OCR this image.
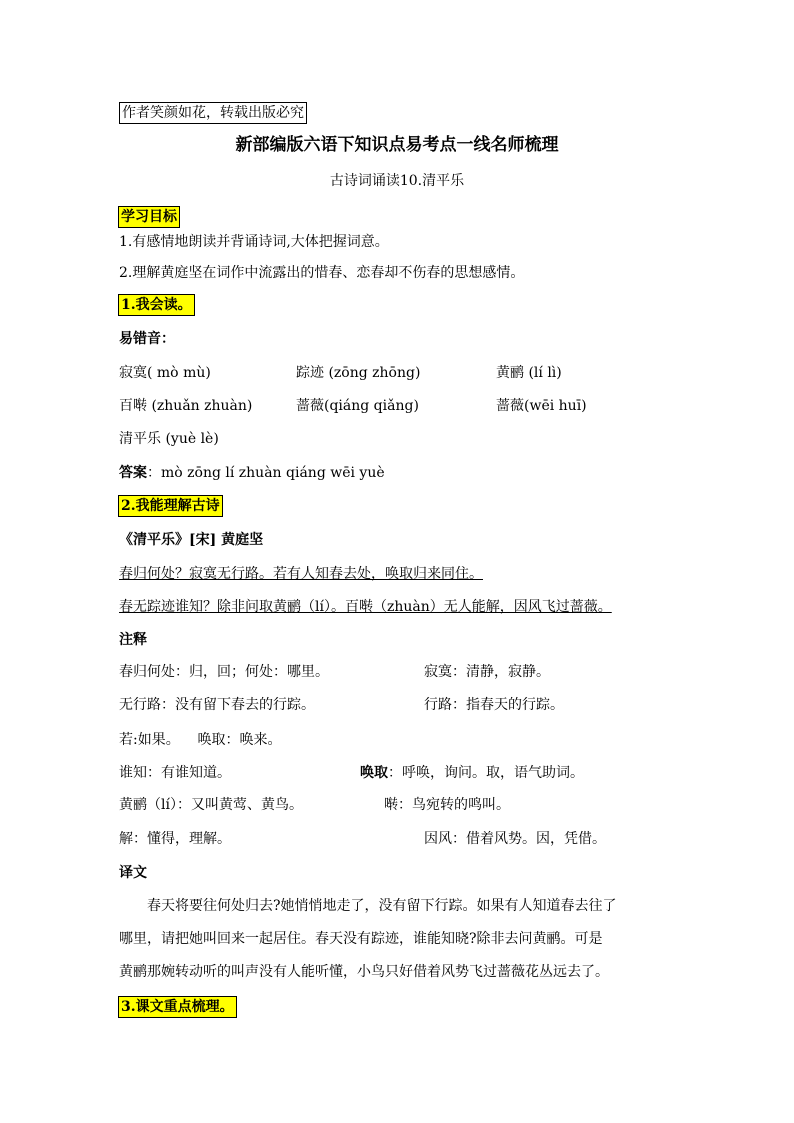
作者笑颜如花，转载出版必究
新部编版六语下知识点易考点一线名师梳理
古诗词诵读10.清平乐
学习目标
1.有感情地朗读并背诵诗词,大体把握词意。
2.理解黄庭坚在词作中流露出的惜春、恋春却不伤春的思想感情。
1.我会读。
易错音：
寂寞( mò mù)	踪迹 (zōng zhōng)	黄鹂 (lí lì)
百啭 (zhuǎn zhuàn)	蔷薇(qiáng qiǎng)	蔷薇(wēi huī)
清平乐 (yuè lè)
答案：mò zōng lí zhuàn qiáng wēi yuè
2.我能理解古诗
《清平乐》[宋] 黄庭坚
春归何处？寂寞无行路。若有人知春去处，唤取归来同住。
春无踪迹谁知？除非问取黄鹂（lí）。百啭（zhuàn）无人能解，因风飞过蔷薇。
注释
春归何处：归，回；何处：哪里。	寂寞：清静，寂静。
无行路：没有留下春去的行踪。	行路：指春天的行踪。
若:如果。    唤取：唤来。
谁知：有谁知道。	唤取：呼唤，询问。取，语气助词。
黄鹂（lí）：又叫黄莺、黄鸟。	啭：鸟宛转的鸣叫。
解：懂得，理解。	因风：借着风势。因，凭借。
译文
春天将要往何处归去?她悄悄地走了，没有留下行踪。如果有人知道春去往了
哪里，请把她叫回来一起居住。春天没有踪迹，谁能知晓?除非去问黄鹂。可是
黄鹂那婉转动听的叫声没有人能听懂，小鸟只好借着风势飞过蔷薇花丛远去了。
3.课文重点梳理。
